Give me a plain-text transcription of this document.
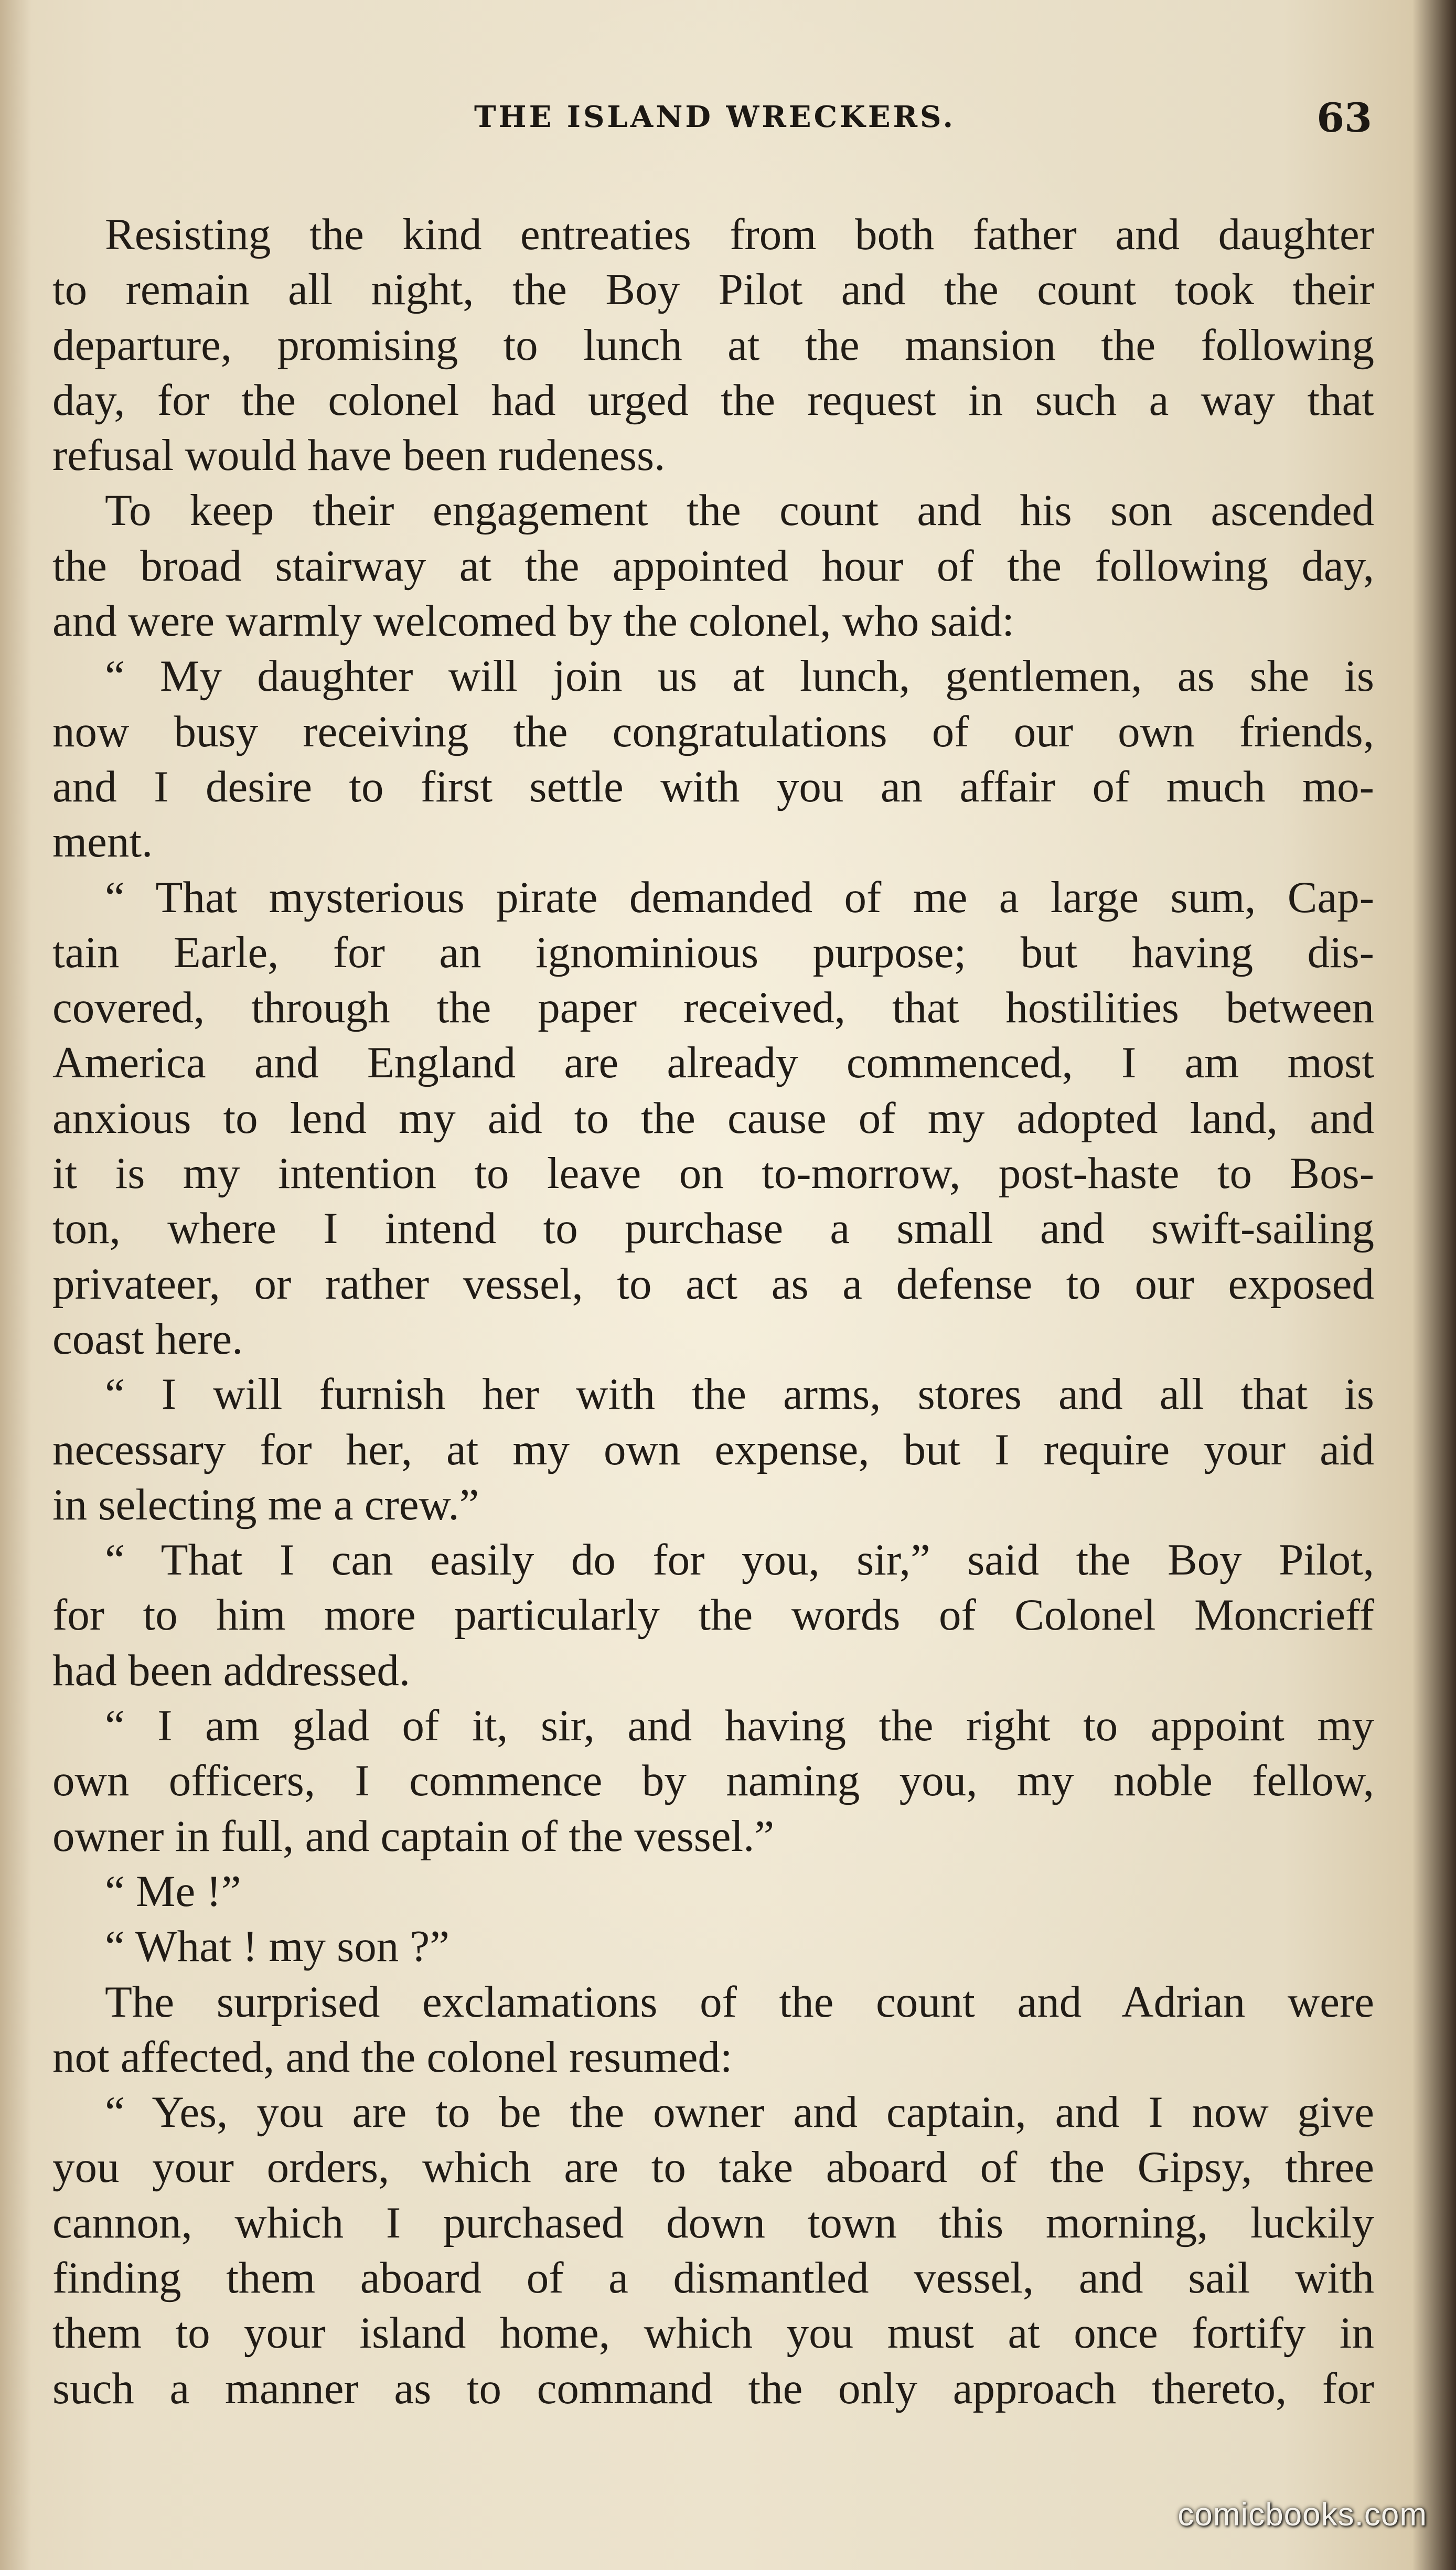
THE ISLAND WRECKERS.	63
Resisting the kind entreaties from both father and daughter
to remain all night, the Boy Pilot and the count took their
departure, promising to lunch at the mansion the following
day, for the colonel had urged the request in such a way that
refusal would have been rudeness.
To keep their engagement the count and his son ascended
the broad stairway at the appointed hour of the following day,
and were warmly welcomed by the colonel, who said:
“ My daughter will join us at lunch, gentlemen, as she is
now busy receiving the congratulations of our own friends,
and I desire to first settle with you an affair of much mo-
ment.
“ That mysterious pirate demanded of me a large sum, Cap-
tain Earle, for an ignominious purpose; but having dis-
covered, through the paper received, that hostilities between
America and England are already commenced, I am most
anxious to lend my aid to the cause of my adopted land, and
it is my intention to leave on to-morrow, post-haste to Bos-
ton, where I intend to purchase a small and swift-sailing
privateer, or rather vessel, to act as a defense to our exposed
coast here.
“ I will furnish her with the arms, stores and all that is
necessary for her, at my own expense, but I require your aid
in selecting me a crew.”
“ That I can easily do for you, sir,” said the Boy Pilot,
for to him more particularly the words of Colonel Moncrieff
had been addressed.
“ I am glad of it, sir, and having the right to appoint my
own officers, I commence by naming you, my noble fellow,
owner in full, and captain of the vessel.”
“ Me !”
“ What ! my son ?”
The surprised exclamations of the count and Adrian were
not affected, and the colonel resumed:
“ Yes, you are to be the owner and captain, and I now give
you your orders, which are to take aboard of the Gipsy, three
cannon, which I purchased down town this morning, luckily
finding them aboard of a dismantled vessel, and sail with
them to your island home, which you must at once fortify in
such a manner as to command the only approach thereto, for
comicbooks.com
